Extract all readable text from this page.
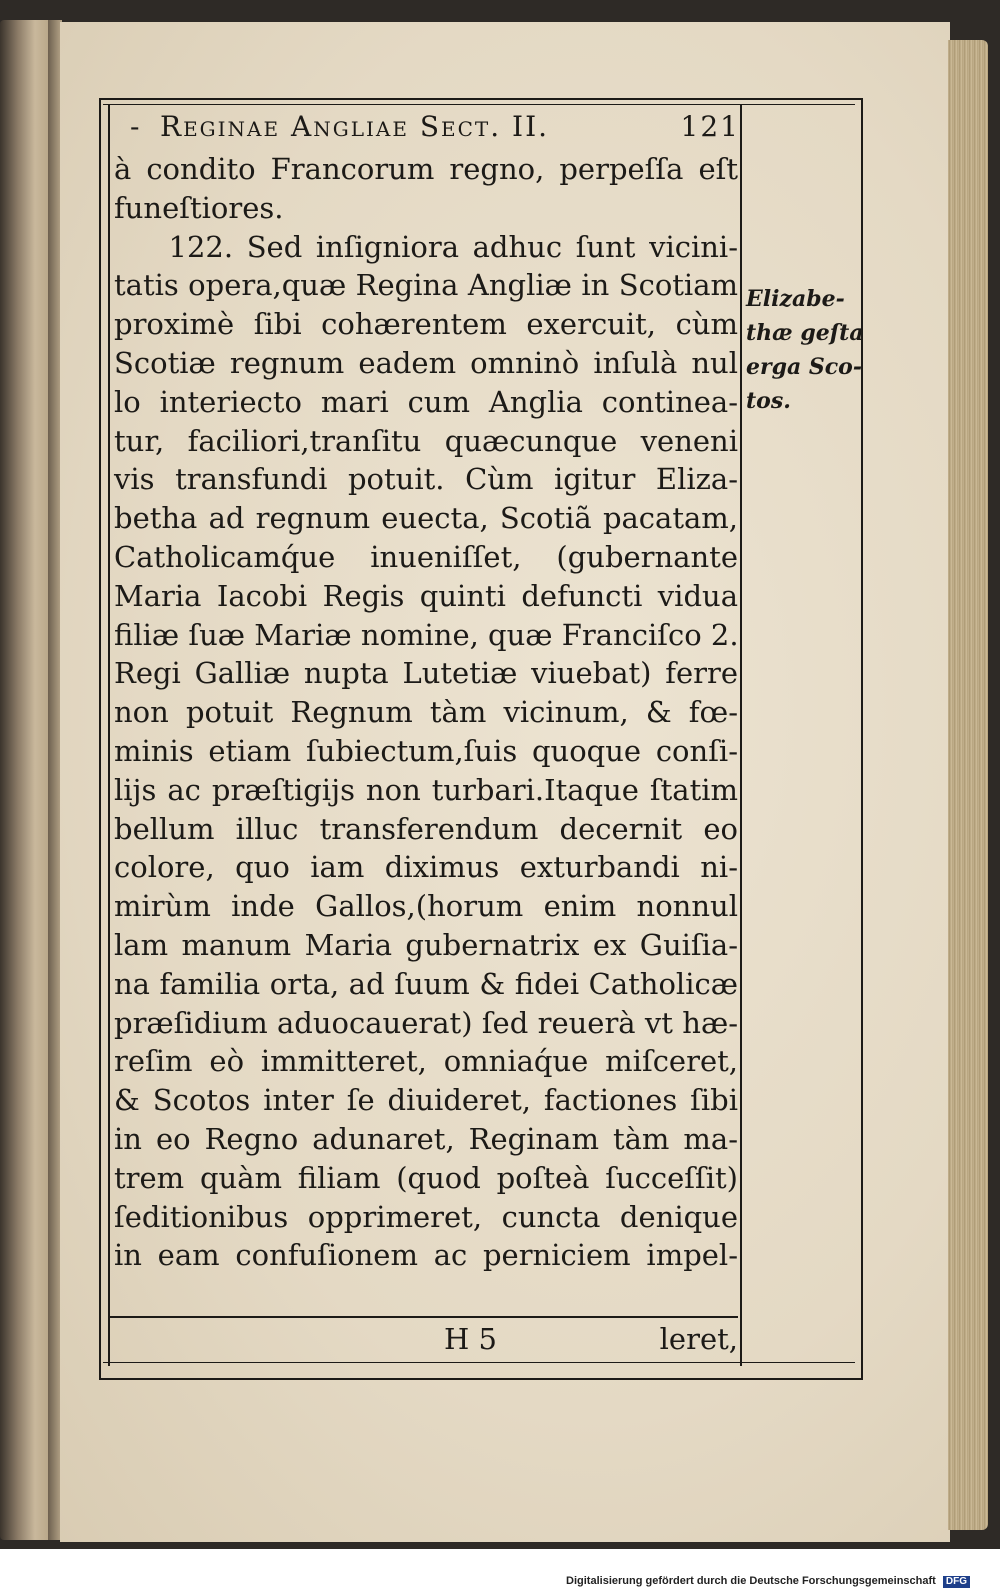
- Reginae Angliae Sect. II.	121
à condito Francorum regno, perpeſſa eſt
funeſtiores.
122. Sed inſigniora adhuc ſunt vicini-
tatis opera,quæ Regina Angliæ in Scotiam
proximè ſibi cohærentem exercuit, cùm
Scotiæ regnum eadem omninò inſulà nul
lo interiecto mari cum Anglia continea-
tur, faciliori,tranſitu quæcunque veneni
vis transfundi potuit. Cùm igitur Eliza-
betha ad regnum euecta, Scotiã pacatam,
Catholicamq́ue inueniſſet, (gubernante
Maria Iacobi Regis quinti defuncti vidua
filiæ ſuæ Mariæ nomine, quæ Franciſco 2.
Regi Galliæ nupta Lutetiæ viuebat) ferre
non potuit Regnum tàm vicinum, & fœ-
minis etiam ſubiectum,ſuis quoque conſi-
lijs ac præſtigijs non turbari.Itaque ſtatim
bellum illuc transferendum decernit eo
colore, quo iam diximus exturbandi ni-
mirùm inde Gallos,(horum enim nonnul
lam manum Maria gubernatrix ex Guiſia-
na familia orta, ad ſuum & fidei Catholicæ
præſidium aduocauerat) ſed reuerà vt hæ-
reſim eò immitteret, omniaq́ue miſceret,
& Scotos inter ſe diuideret, factiones ſibi
in eo Regno adunaret, Reginam tàm ma-
trem quàm filiam (quod poſteà ſucceſſit)
ſeditionibus opprimeret, cuncta denique
in eam confuſionem ac perniciem impel-
Elizabe-
thæ geſta
erga Sco-
tos.
H 5	leret,
Digitalisierung gefördert durch die Deutsche Forschungsgemeinschaft DFG
